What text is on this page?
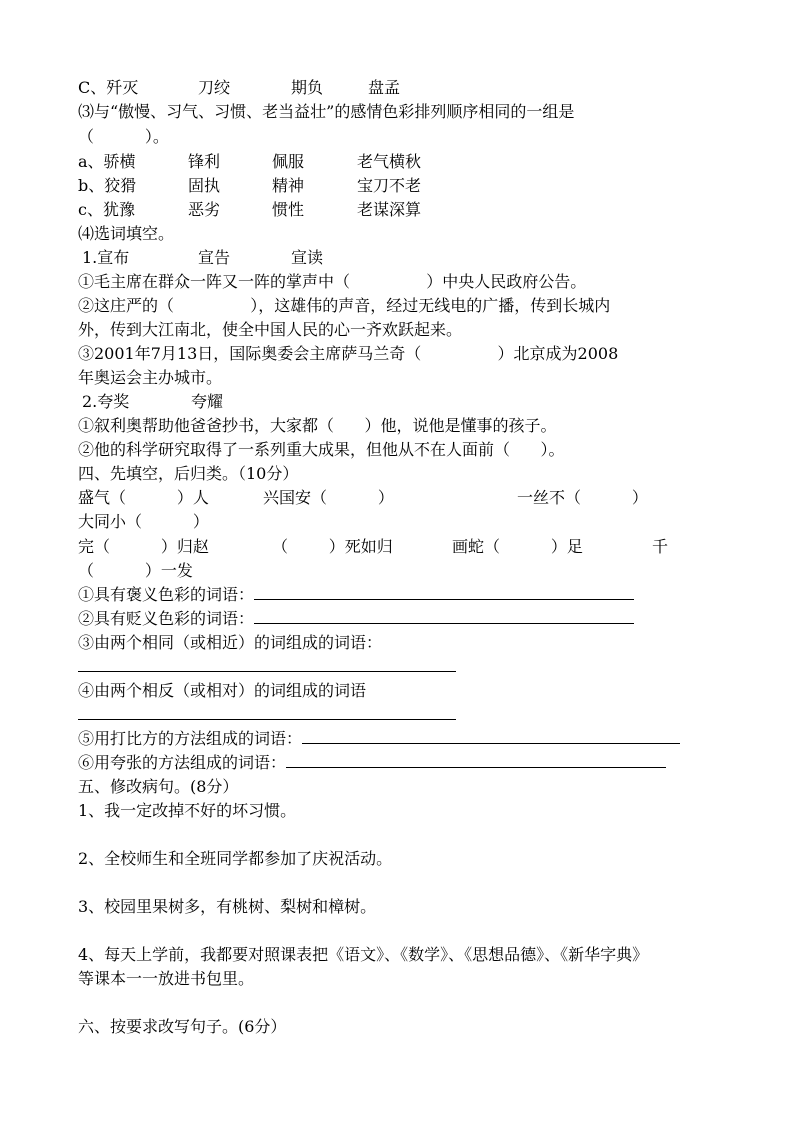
C、歼灭	刀绞	期负	盘孟
⑶与“傲慢、习气、习惯、老当益壮”的感情色彩排列顺序相同的一组是
（          ）。
a、骄横	锋利	佩服	老气横秋
b、狡猾	固执	精神	宝刀不老
c、犹豫	恶劣	惯性	老谋深算
⑷选词填空。
1.宣布	宣告	宣读
①毛主席在群众一阵又一阵的掌声中（               ）中央人民政府公告。
②这庄严的（               ），这雄伟的声音，经过无线电的广播，传到长城内
外，传到大江南北，使全中国人民的心一齐欢跃起来。
③2001年7月13日，国际奥委会主席萨马兰奇（               ）北京成为2008
年奥运会主办城市。
2.夸奖	夸耀
①叙利奥帮助他爸爸抄书，大家都（      ）他，说他是懂事的孩子。
②他的科学研究取得了一系列重大成果，但他从不在人面前（      ）。
四、先填空，后归类。（10分）
盛气（          ）人	兴国安（          ）	一丝不（          ）
大同小（          ）
完（          ）归赵	（        ）死如归	画蛇（          ）足	千
（          ）一发
①具有褒义色彩的词语：
②具有贬义色彩的词语：
③由两个相同（或相近）的词组成的词语：
④由两个相反（或相对）的词组成的词语
⑤用打比方的方法组成的词语：
⑥用夸张的方法组成的词语：
五、修改病句。(8分）
1、我一定改掉不好的坏习惯。
2、全校师生和全班同学都参加了庆祝活动。
3、校园里果树多，有桃树、梨树和樟树。
4、每天上学前，我都要对照课表把《语文》、《数学》、《思想品德》、《新华字典》
等课本一一放进书包里。
六、按要求改写句子。(6分）
